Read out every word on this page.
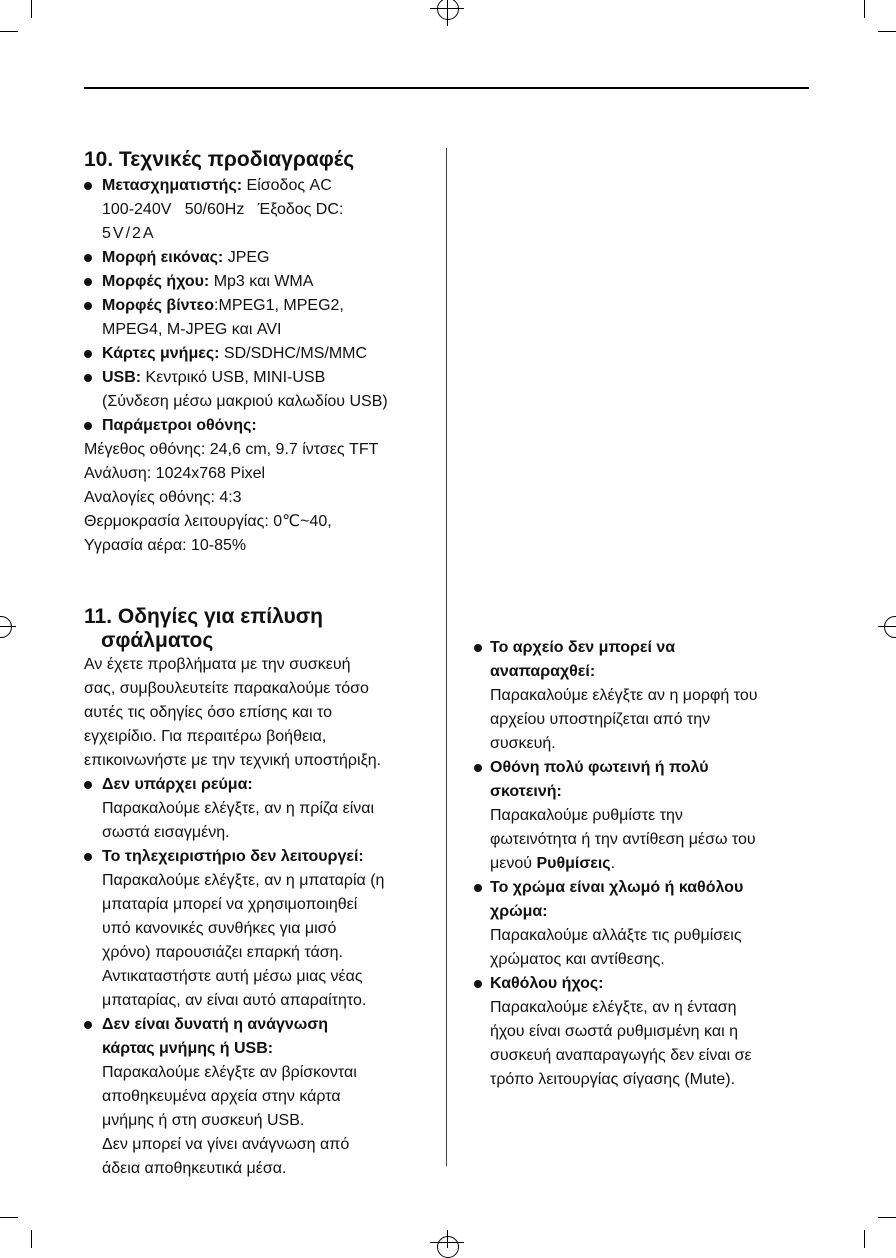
10. Τεχνικές προδιαγραφές
Μετασχηματιστής: Είσοδος AC
100-240V   50/60Hz   Έξοδος DC:
5V/2A
Μορφή εικόνας: JPEG
Μορφές ήχου: Mp3 και WMA
Μορφές βίντεο:MPEG1, MPEG2,
MPEG4, M-JPEG και AVI
Κάρτες μνήμες: SD/SDHC/MS/MMC
USB: Κεντρικό USB, MINI-USB
(Σύνδεση μέσω μακριού καλωδίου USB)
Παράμετροι οθόνης:
Μέγεθος οθόνης: 24,6 cm, 9.7 ίντσες TFT
Ανάλυση: 1024x768 Pixel
Αναλογίες οθόνης: 4:3
Θερμοκρασία λειτουργίας: 0℃~40,
Υγρασία αέρα: 10-85%
11. Οδηγίες για επίλυση
σφάλματος
Αν έχετε προβλήματα με την συσκευή
σας, συμβουλευτείτε παρακαλούμε τόσο
αυτές τις οδηγίες όσο επίσης και το
εγχειρίδιο. Για περαιτέρω βοήθεια,
επικοινωνήστε με την τεχνική υποστήριξη.
Δεν υπάρχει ρεύμα:
Παρακαλούμε ελέγξτε, αν η πρίζα είναι
σωστά εισαγμένη.
Το τηλεχειριστήριο δεν λειτουργεί:
Παρακαλούμε ελέγξτε, αν η μπαταρία (η
μπαταρία μπορεί να χρησιμοποιηθεί
υπό κανονικές συνθήκες για μισό
χρόνο) παρουσιάζει επαρκή τάση.
Αντικαταστήστε αυτή μέσω μιας νέας
μπαταρίας, αν είναι αυτό απαραίτητο.
Δεν είναι δυνατή η ανάγνωση
κάρτας μνήμης ή USB:
Παρακαλούμε ελέγξτε αν βρίσκονται
αποθηκευμένα αρχεία στην κάρτα
μνήμης ή στη συσκευή USB.
Δεν μπορεί να γίνει ανάγνωση από
άδεια αποθηκευτικά μέσα.
Το αρχείο δεν μπορεί να
αναπαραχθεί:
Παρακαλούμε ελέγξτε αν η μορφή του
αρχείου υποστηρίζεται από την
συσκευή.
Οθόνη πολύ φωτεινή ή πολύ
σκοτεινή:
Παρακαλούμε ρυθμίστε την
φωτεινότητα ή την αντίθεση μέσω του
μενού Ρυθμίσεις.
Το χρώμα είναι χλωμό ή καθόλου
χρώμα:
Παρακαλούμε αλλάξτε τις ρυθμίσεις
χρώματος και αντίθεσης.
Καθόλου ήχος:
Παρακαλούμε ελέγξτε, αν η ένταση
ήχου είναι σωστά ρυθμισμένη και η
συσκευή αναπαραγωγής δεν είναι σε
τρόπο λειτουργίας σίγασης (Mute).
